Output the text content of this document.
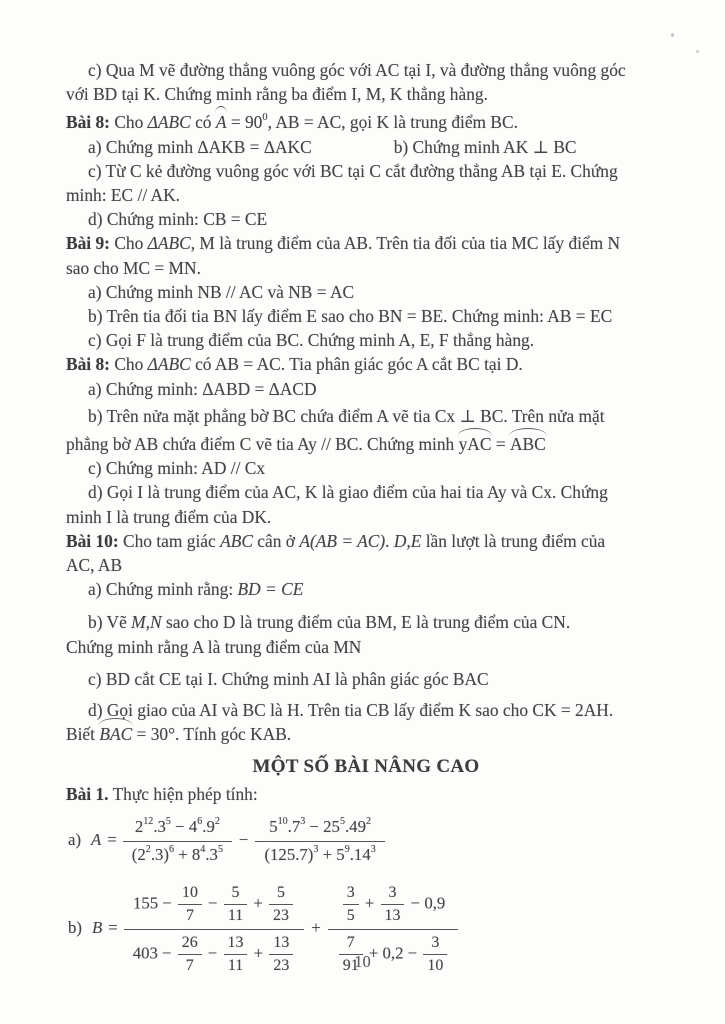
c) Qua M vẽ đường thẳng vuông góc với AC tại I, và đường thẳng vuông góc

với BD tại K. Chứng minh rằng ba điểm I, M, K thẳng hàng.

Bài 8: Cho ΔABC có $A = 90^0$, AB = AC, gọi K là trung điểm BC.

a) Chứng minh ΔAKB = ΔAKC	b) Chứng minh AK ⊥ BC

c) Từ C kẻ đường vuông góc với BC tại C cắt đường thẳng AB tại E. Chứng

minh: EC // AK.

d) Chứng minh: CB = CE

Bài 9: Cho ΔABC, M là trung điểm của AB. Trên tia đối của tia MC lấy điểm N

sao cho MC = MN.

a) Chứng minh NB // AC và NB = AC

b) Trên tia đối tia BN lấy điểm E sao cho BN = BE. Chứng minh: AB = EC

c) Gọi F là trung điểm của BC. Chứng minh A, E, F thẳng hàng.

Bài 8: Cho ΔABC có AB = AC. Tia phân giác góc A cắt BC tại D.

a) Chứng minh: ΔABD = ΔACD

b) Trên nửa mặt phẳng bờ BC chứa điểm A vẽ tia Cx ⊥ BC. Trên nửa mặt

phẳng bờ AB chứa điểm C vẽ tia Ay // BC. Chứng minh yAC = ABC

c) Chứng minh: AD // Cx

d) Gọi I là trung điểm của AC, K là giao điểm của hai tia Ay và Cx. Chứng

minh I là trung điểm của DK.

Bài 10: Cho tam giác ABC cân ở A(AB = AC). D,E lần lượt là trung điểm của

AC, AB

a) Chứng minh rằng: BD = CE

b) Vẽ M,N sao cho D là trung điểm của BM, E là trung điểm của CN.

Chứng minh rằng A là trung điểm của MN

c) BD cắt CE tại I. Chứng minh AI là phân giác góc BAC

d) Gọi giao của AI và BC là H. Trên tia CB lấy điểm K sao cho CK = 2AH.

Biết BAC = 30°. Tính góc KAB.

MỘT SỐ BÀI NÂNG CAO

Bài 1. Thực hiện phép tính:

a) $A = \frac{2^{12}.3^5 - 4^6.9^2}{(2^2.3)^6 + 8^4.3^5} - \frac{5^{10}.7^3 - 25^5.49^2}{(125.7)^3 + 5^9.14^3}$
b) $B = \frac{155 - \frac{10}{7} - \frac{5}{11} + \frac{5}{23}}{403 - \frac{26}{7} - \frac{13}{11} + \frac{13}{23}} + \frac{\frac{3}{5} + \frac{3}{13} - 0,9}{\frac{7}{91} + 0,2 - \frac{3}{10}}$
10
